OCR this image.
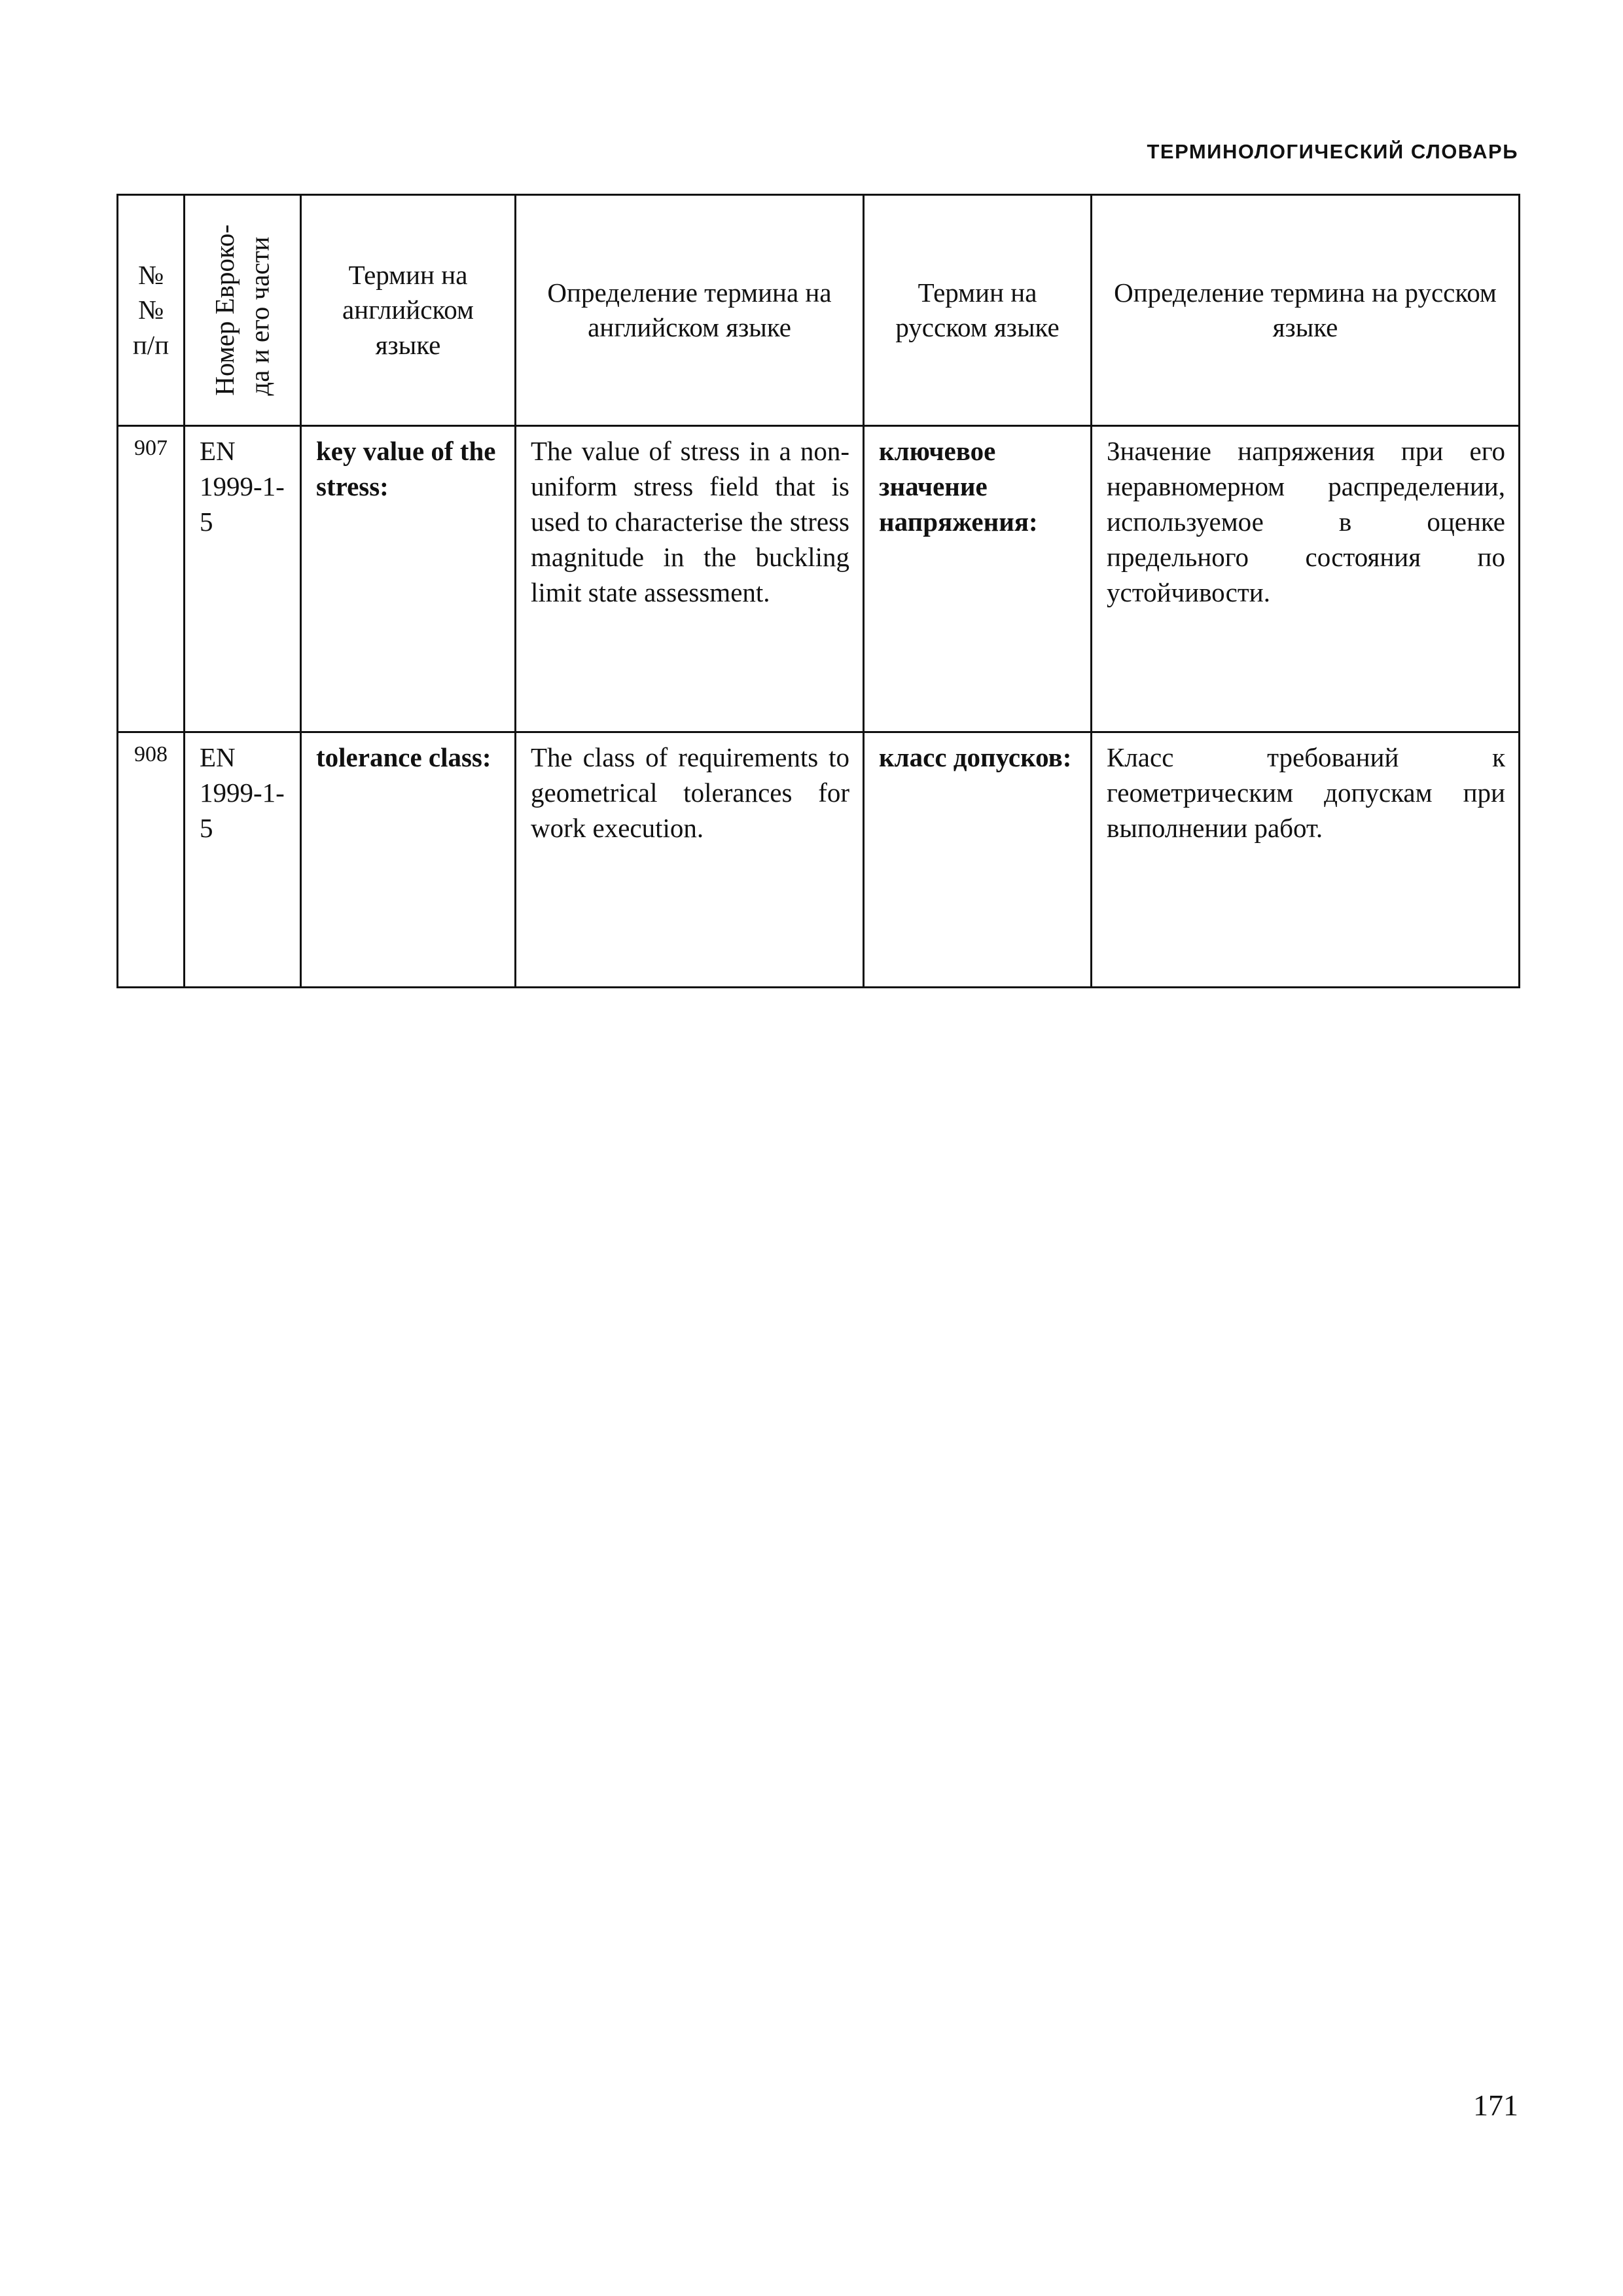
ТЕРМИНОЛОГИЧЕСКИЙ СЛОВАРЬ
№№ п/п	Номер Евроко- да и его части	Термин на английском языке	Определение термина на английском языке	Термин на русском языке	Определение термина на русском языке
907	EN 1999-1-5	key value of the stress:	The value of stress in a non-uniform stress field that is used to characterise the stress magnitude in the buckling limit state assessment.	ключевое значение напряжения:	Значение напряжения при его неравномерном распределении, используемое в оценке предельного состояния по устойчивости.
908	EN 1999-1-5	tolerance class:	The class of requirements to geometrical tolerances for work execution.	класс допусков:	Класс требований к геометрическим допускам при выполнении работ.
171
